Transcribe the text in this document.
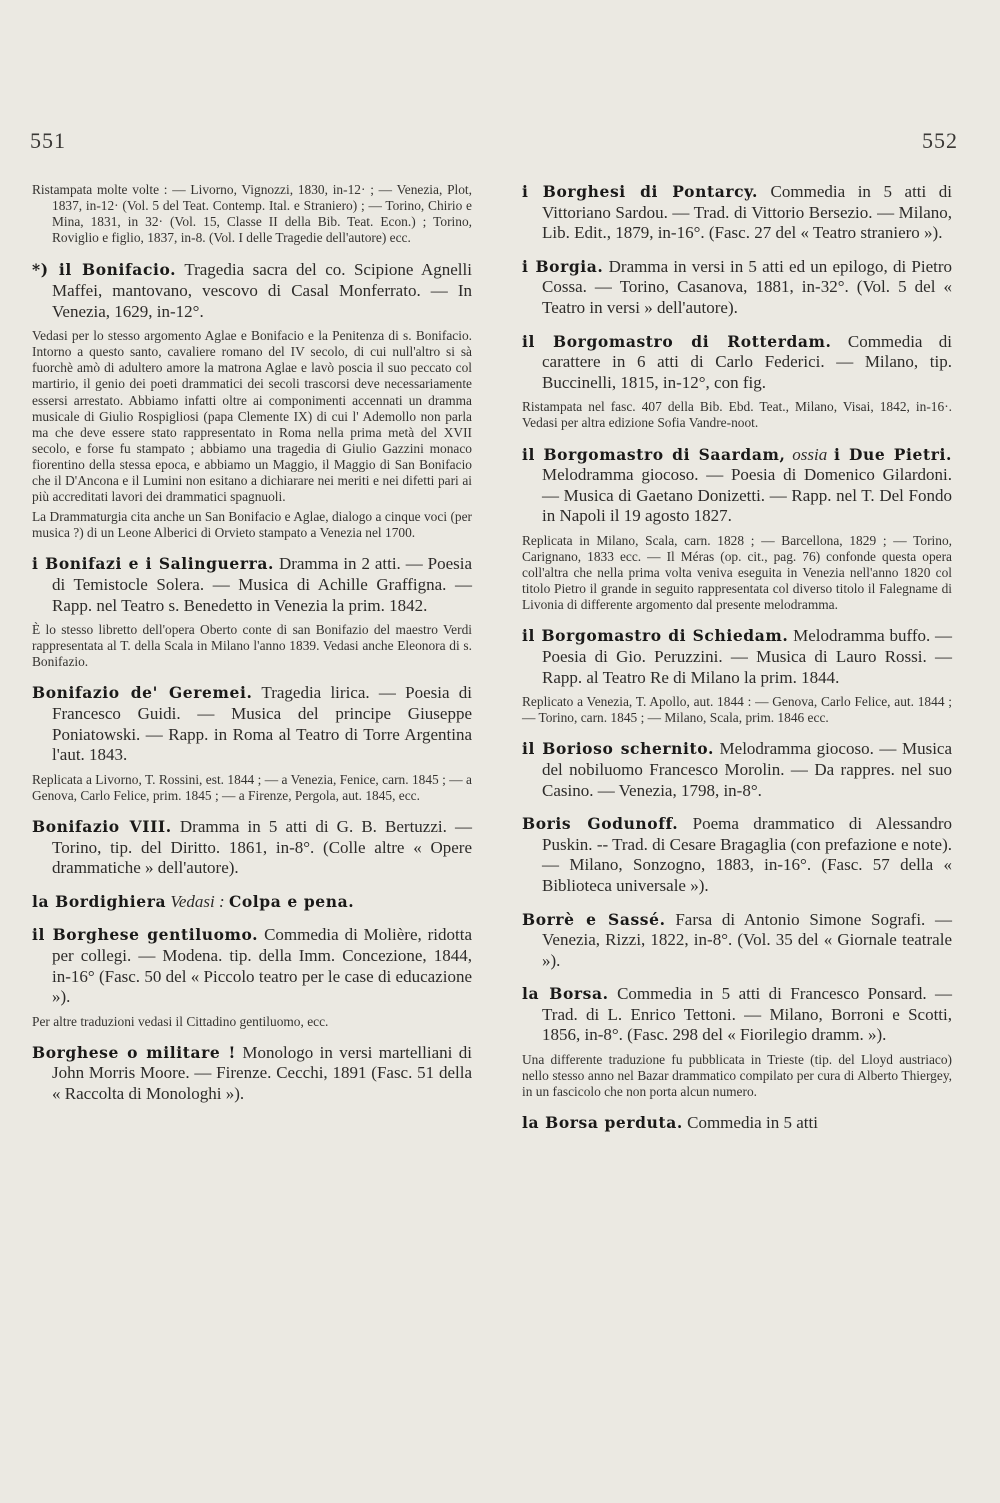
551	552
Ristampata molte volte : — Livorno, Vignozzi, 1830, in-12· ; — Venezia, Plot, 1837, in-12· (Vol. 5 del Teat. Contemp. Ital. e Straniero) ; — Torino, Chirio e Mina, 1831, in 32· (Vol. 15, Classe II della Bib. Teat. Econ.) ; Torino, Roviglio e figlio, 1837, in-8. (Vol. I delle Tragedie dell'autore) ecc.
*) il Bonifacio. Tragedia sacra del co. Scipione Agnelli Maffei, mantovano, vescovo di Casal Monferrato. — In Venezia, 1629, in-12°.
Vedasi per lo stesso argomento Aglae e Bonifacio e la Penitenza di s. Bonifacio. Intorno a questo santo, cavaliere romano del IV secolo, di cui null'altro si sà fuorchè amò di adultero amore la matrona Aglae e lavò poscia il suo peccato col martirio, il genio dei poeti drammatici dei secoli trascorsi deve necessariamente essersi arrestato. Abbiamo infatti oltre ai componimenti accennati un dramma musicale di Giulio Rospigliosi (papa Clemente IX) di cui l' Ademollo non parla ma che deve essere stato rappresentato in Roma nella prima metà del XVII secolo, e forse fu stampato ; abbiamo una tragedia di Giulio Gazzini monaco fiorentino della stessa epoca, e abbiamo un Maggio, il Maggio di San Bonifacio che il D'Ancona e il Lumini non esitano a dichiarare nei meriti e nei difetti pari ai più accreditati lavori dei drammatici spagnuoli.
La Drammaturgia cita anche un San Bonifacio e Aglae, dialogo a cinque voci (per musica ?) di un Leone Alberici di Orvieto stampato a Venezia nel 1700.
i Bonifazi e i Salinguerra. Dramma in 2 atti. — Poesia di Temistocle Solera. — Musica di Achille Graffigna. — Rapp. nel Teatro s. Benedetto in Venezia la prim. 1842.
È lo stesso libretto dell'opera Oberto conte di san Bonifazio del maestro Verdi rappresentata al T. della Scala in Milano l'anno 1839. Vedasi anche Eleonora di s. Bonifazio.
Bonifazio de' Geremei. Tragedia lirica. — Poesia di Francesco Guidi. — Musica del principe Giuseppe Poniatowski. — Rapp. in Roma al Teatro di Torre Argentina l'aut. 1843.
Replicata a Livorno, T. Rossini, est. 1844 ; — a Venezia, Fenice, carn. 1845 ; — a Genova, Carlo Felice, prim. 1845 ; — a Firenze, Pergola, aut. 1845, ecc.
Bonifazio VIII. Dramma in 5 atti di G. B. Bertuzzi. — Torino, tip. del Diritto. 1861, in-8°. (Colle altre « Opere drammatiche » dell'autore).
la Bordighiera Vedasi : Colpa e pena.
il Borghese gentiluomo. Commedia di Molière, ridotta per collegi. — Modena. tip. della Imm. Concezione, 1844, in-16° (Fasc. 50 del « Piccolo teatro per le case di educazione »).
Per altre traduzioni vedasi il Cittadino gentiluomo, ecc.
Borghese o militare ! Monologo in versi martelliani di John Morris Moore. — Firenze. Cecchi, 1891 (Fasc. 51 della « Raccolta di Monologhi »).
i Borghesi di Pontarcy. Commedia in 5 atti di Vittoriano Sardou. — Trad. di Vittorio Bersezio. — Milano, Lib. Edit., 1879, in-16°. (Fasc. 27 del « Teatro straniero »).
i Borgia. Dramma in versi in 5 atti ed un epilogo, di Pietro Cossa. — Torino, Casanova, 1881, in-32°. (Vol. 5 del « Teatro in versi » dell'autore).
il Borgomastro di Rotterdam. Commedia di carattere in 6 atti di Carlo Federici. — Milano, tip. Buccinelli, 1815, in-12°, con fig.
Ristampata nel fasc. 407 della Bib. Ebd. Teat., Milano, Visai, 1842, in-16·. Vedasi per altra edizione Sofia Vandre-noot.
il Borgomastro di Saardam, ossia i Due Pietri. Melodramma giocoso. — Poesia di Domenico Gilardoni. — Musica di Gaetano Donizetti. — Rapp. nel T. Del Fondo in Napoli il 19 agosto 1827.
Replicata in Milano, Scala, carn. 1828 ; — Barcellona, 1829 ; — Torino, Carignano, 1833 ecc. — Il Méras (op. cit., pag. 76) confonde questa opera coll'altra che nella prima volta veniva eseguita in Venezia nell'anno 1820 col titolo Pietro il grande in seguito rappresentata col diverso titolo il Falegname di Livonia di differente argomento dal presente melodramma.
il Borgomastro di Schiedam. Melodramma buffo. — Poesia di Gio. Peruzzini. — Musica di Lauro Rossi. — Rapp. al Teatro Re di Milano la prim. 1844.
Replicato a Venezia, T. Apollo, aut. 1844 : — Genova, Carlo Felice, aut. 1844 ; — Torino, carn. 1845 ; — Milano, Scala, prim. 1846 ecc.
il Borioso schernito. Melodramma giocoso. — Musica del nobiluomo Francesco Morolin. — Da rappres. nel suo Casino. — Venezia, 1798, in-8°.
Boris Godunoff. Poema drammatico di Alessandro Puskin. -- Trad. di Cesare Bragaglia (con prefazione e note). — Milano, Sonzogno, 1883, in-16°. (Fasc. 57 della « Biblioteca universale »).
Borrè e Sassé. Farsa di Antonio Simone Sografi. — Venezia, Rizzi, 1822, in-8°. (Vol. 35 del « Giornale teatrale »).
la Borsa. Commedia in 5 atti di Francesco Ponsard. — Trad. di L. Enrico Tettoni. — Milano, Borroni e Scotti, 1856, in-8°. (Fasc. 298 del « Fiorilegio dramm. »).
Una differente traduzione fu pubblicata in Trieste (tip. del Lloyd austriaco) nello stesso anno nel Bazar drammatico compilato per cura di Alberto Thiergey, in un fascicolo che non porta alcun numero.
la Borsa perduta. Commedia in 5 atti
